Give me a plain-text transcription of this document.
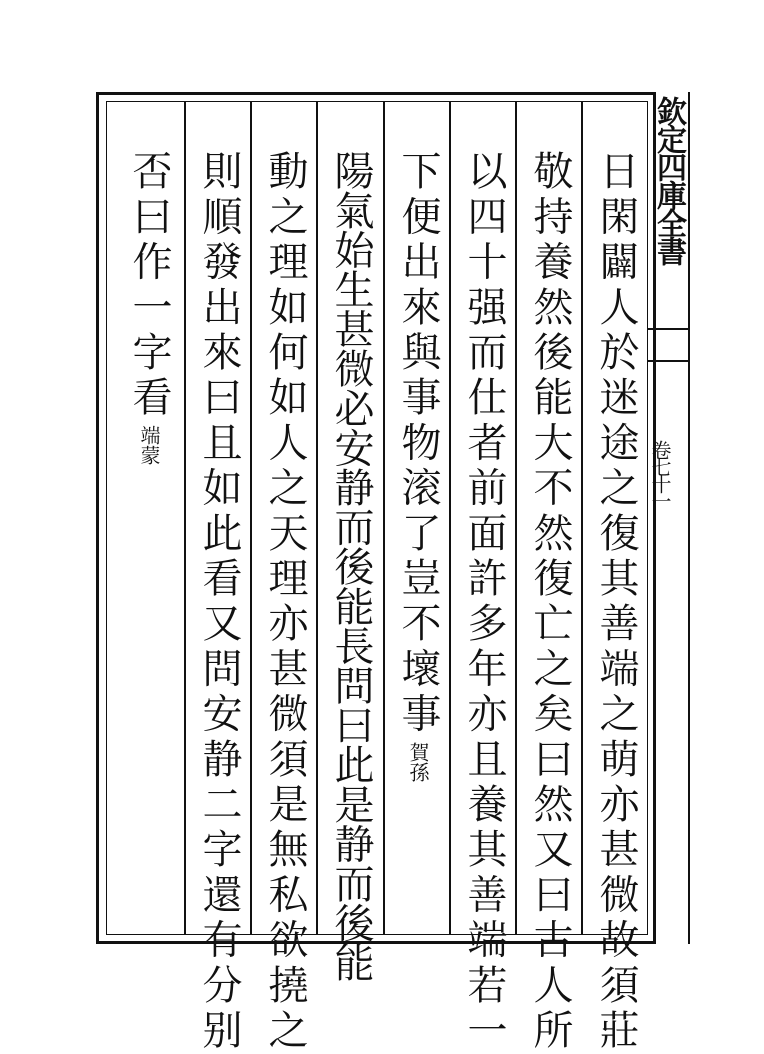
欽定四庫全書
卷七十一
日閑闢人於迷途之復其善端之萌亦甚微故須莊
敬持養然後能大不然復亡之矣曰然又曰古人所
以四十强而仕者前面許多年亦且養其善端若一
下便出來與事物滚了豈不壞事賀孫
陽氣始生甚微必安静而後能長問曰此是静而後能
動之理如何如人之天理亦甚微須是無私欲撓之
則順發出來曰且如此看又問安静二字還有分别
否曰作一字看端蒙
